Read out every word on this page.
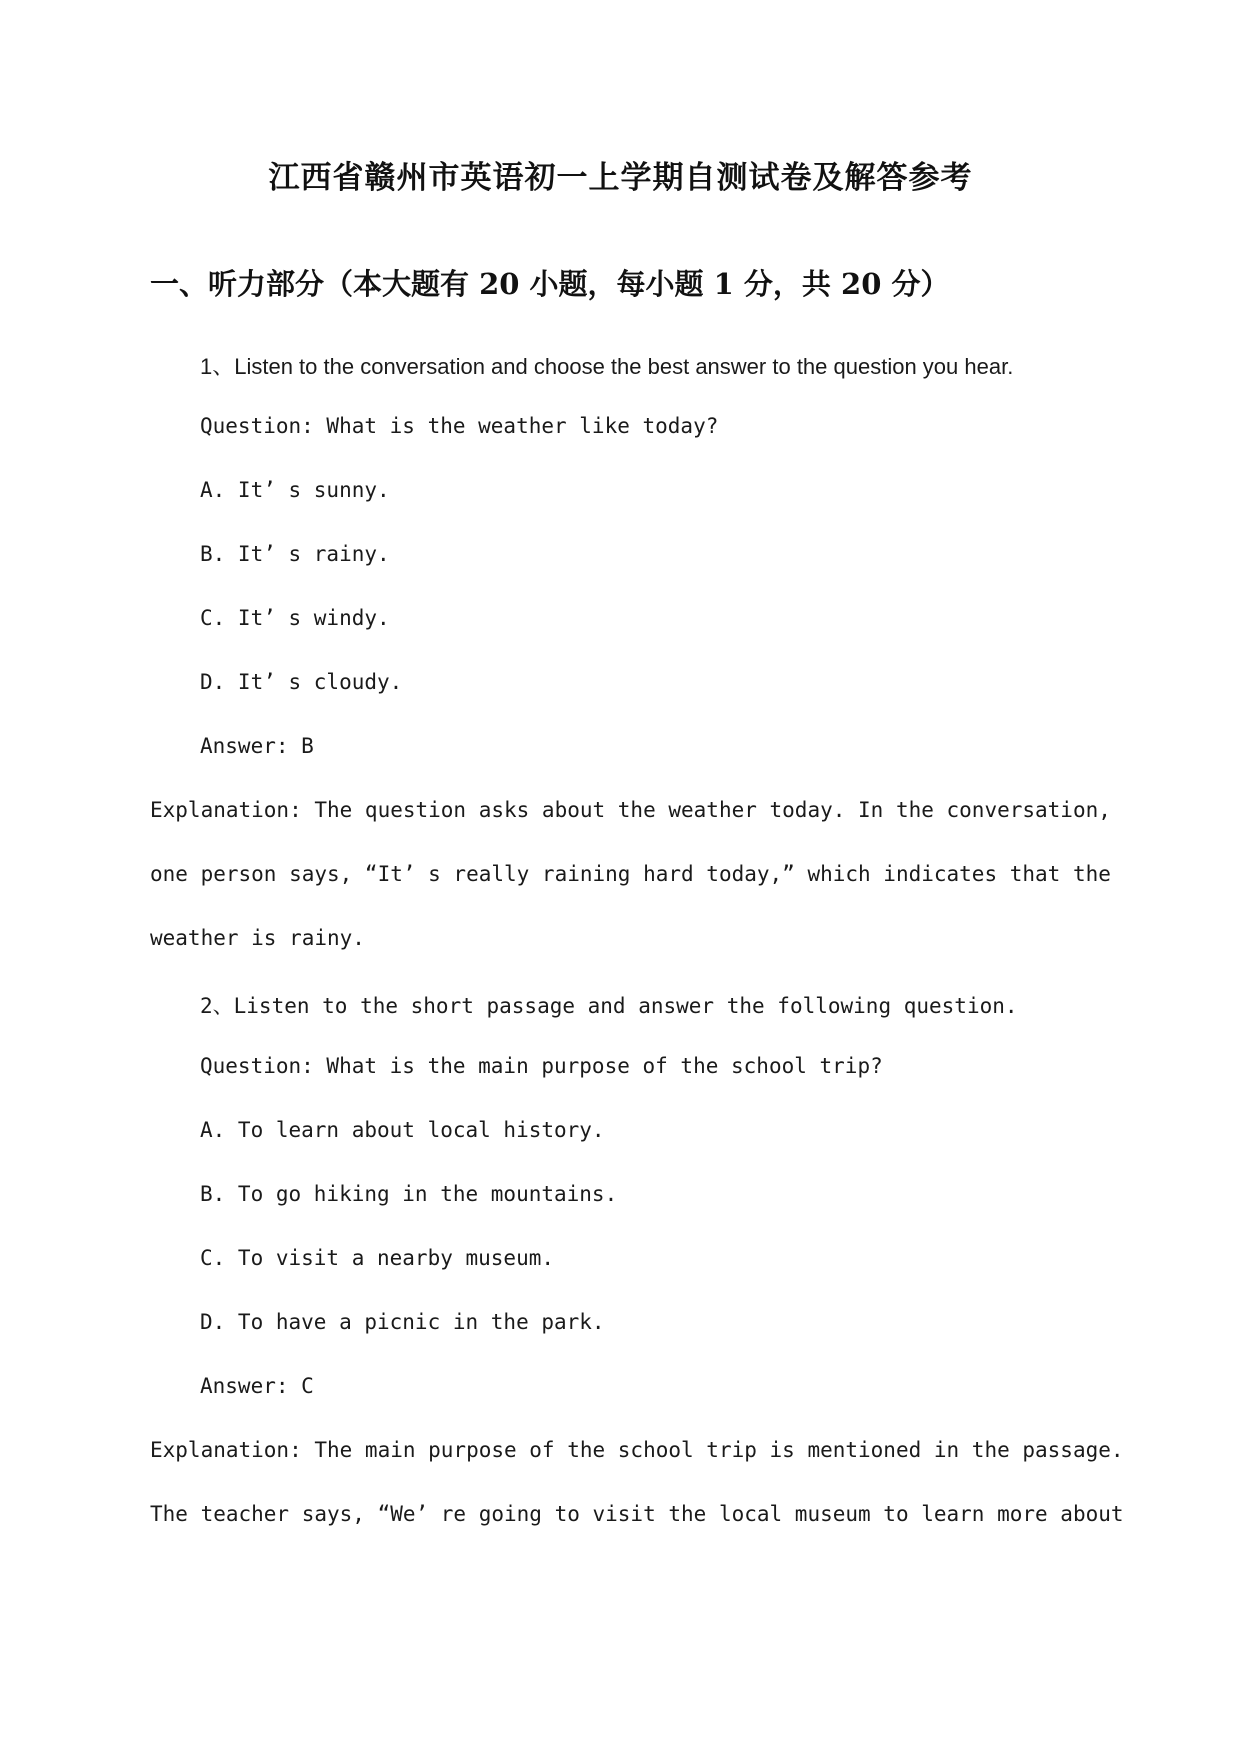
江西省赣州市英语初一上学期自测试卷及解答参考
一、听力部分（本大题有 20 小题，每小题 1 分，共 20 分）
1、Listen to the conversation and choose the best answer to the question you hear.
Question: What is the weather like today?
A. It’ s sunny.
B. It’ s rainy.
C. It’ s windy.
D. It’ s cloudy.
Answer: B
Explanation: The question asks about the weather today. In the conversation,
one person says, “It’ s really raining hard today,” which indicates that the
weather is rainy.
2、Listen to the short passage and answer the following question.
Question: What is the main purpose of the school trip?
A. To learn about local history.
B. To go hiking in the mountains.
C. To visit a nearby museum.
D. To have a picnic in the park.
Answer: C
Explanation: The main purpose of the school trip is mentioned in the passage.
The teacher says, “We’ re going to visit the local museum to learn more about
